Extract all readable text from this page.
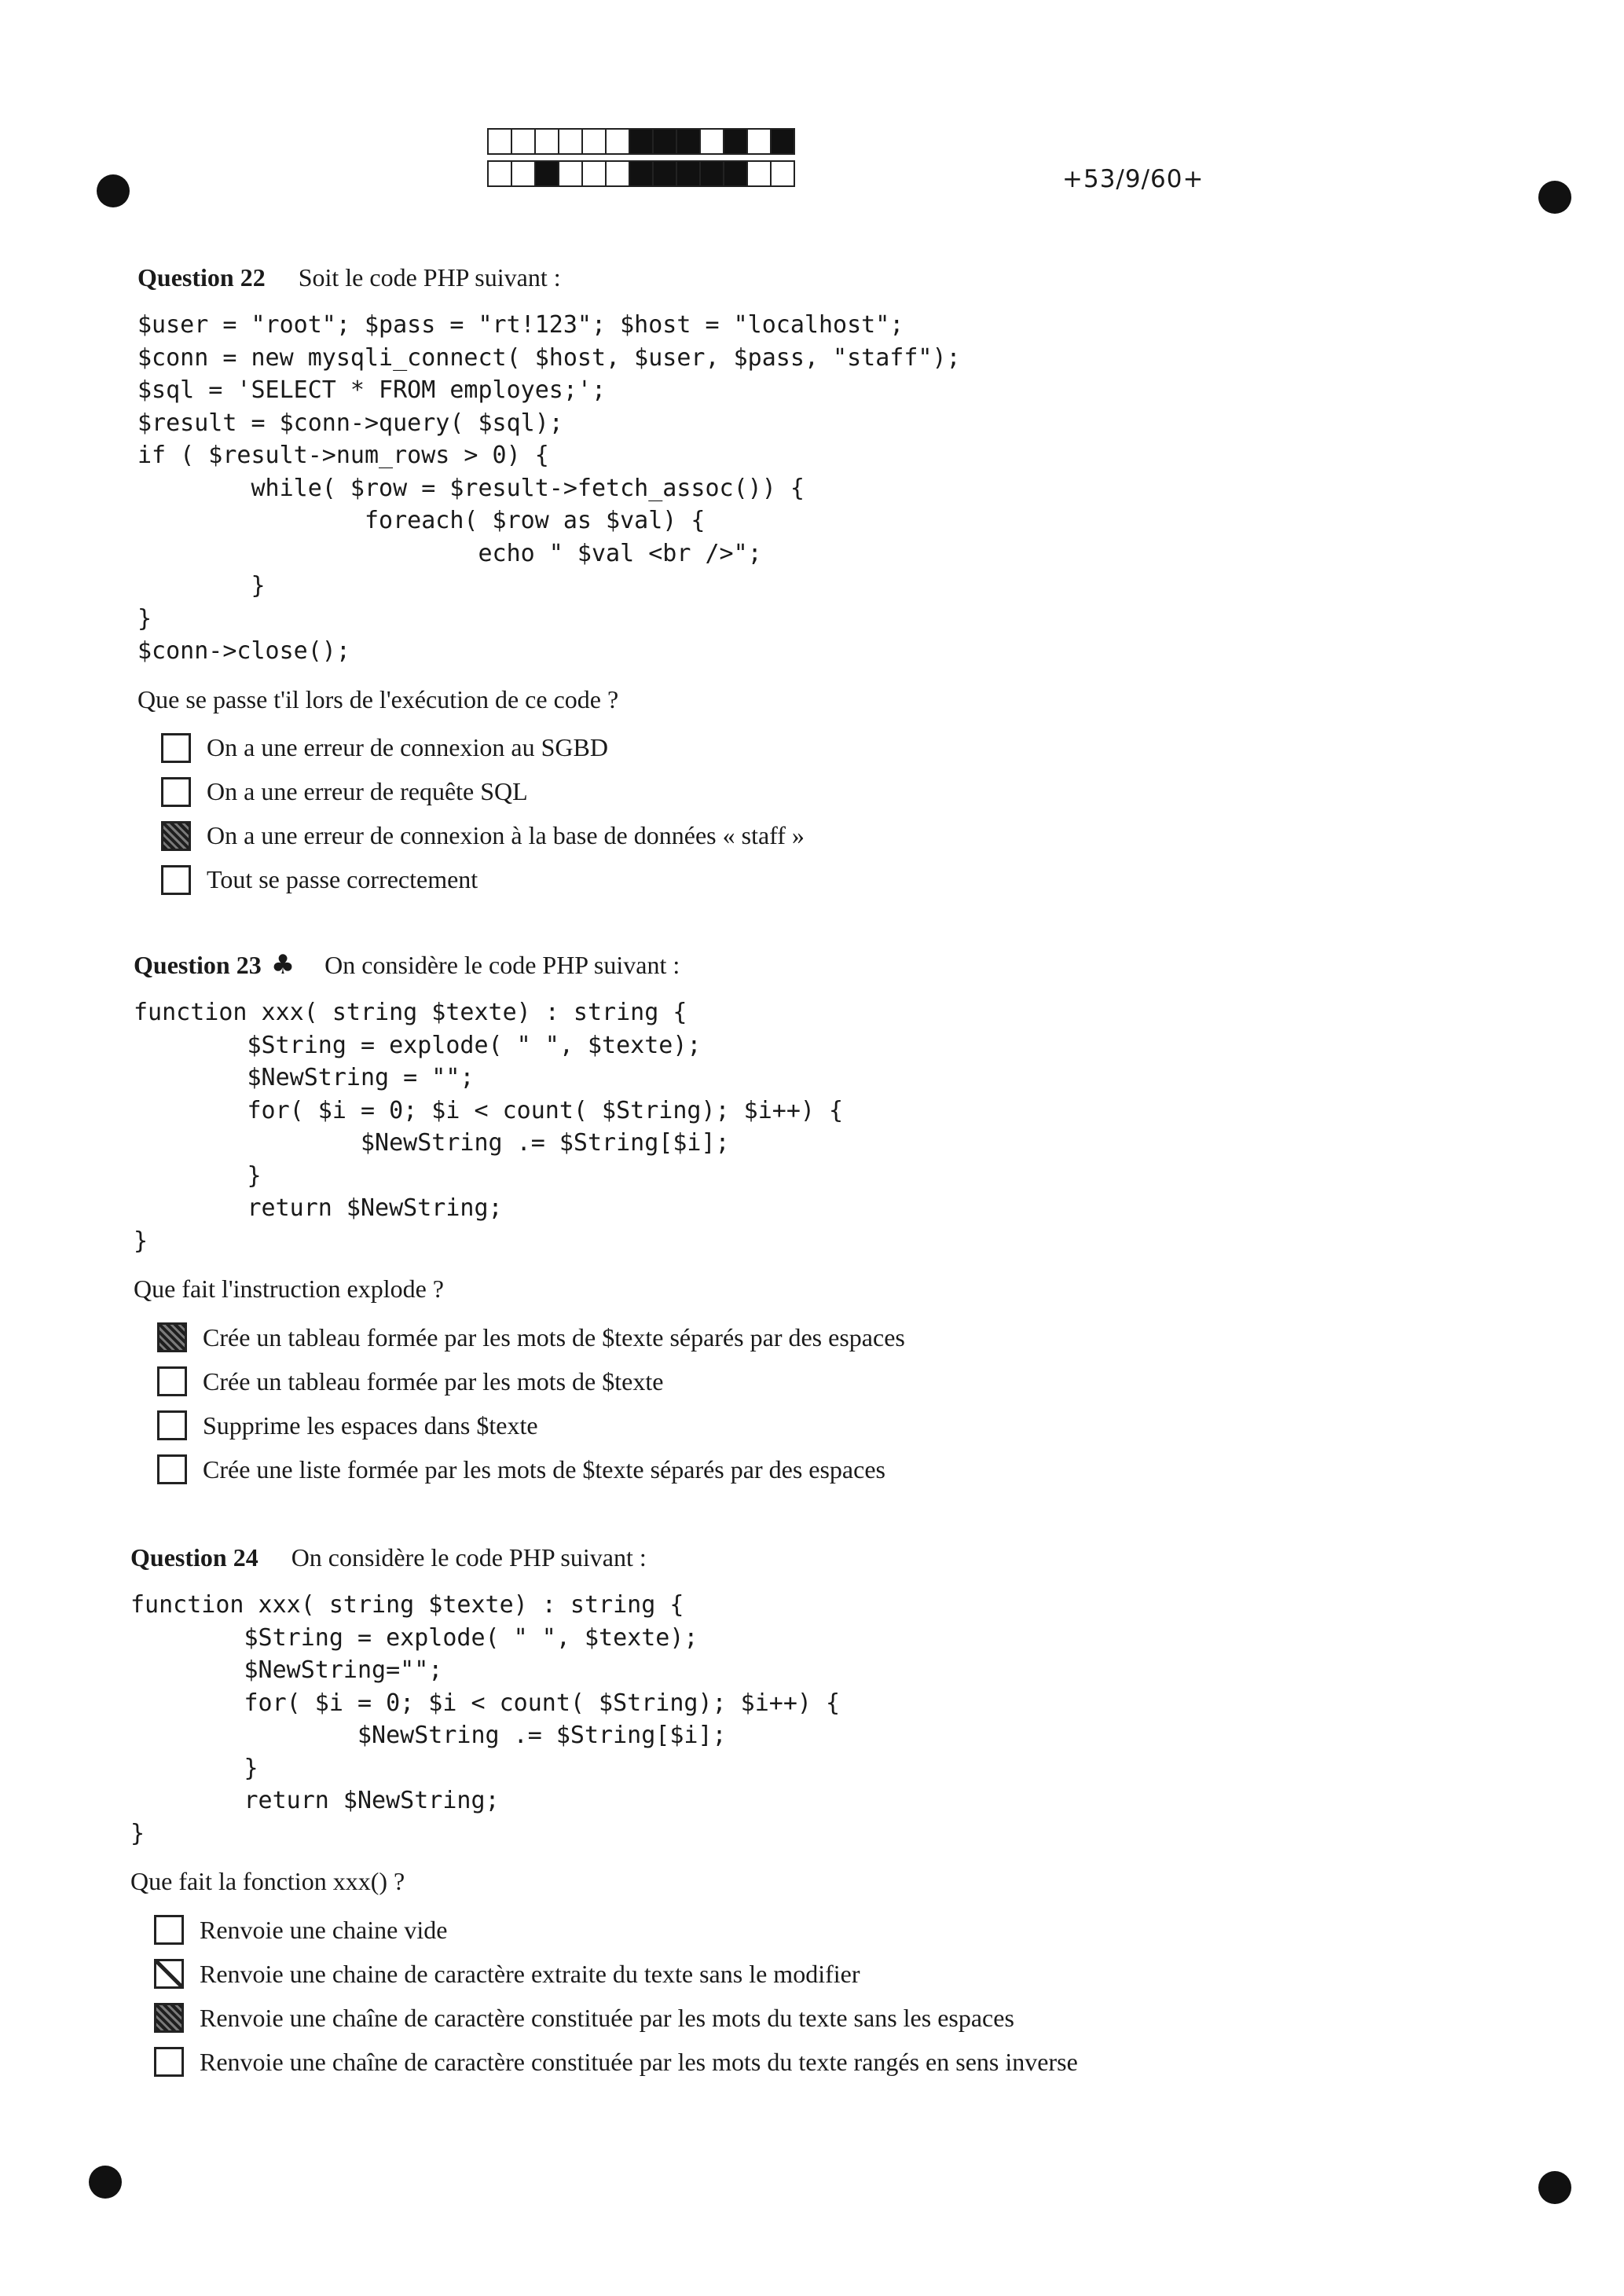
+53/9/60+
Question 22 Soit le code PHP suivant :
$user = "root"; $pass = "rt!123"; $host = "localhost";
$conn = new mysqli_connect( $host, $user, $pass, "staff");
$sql = 'SELECT * FROM employes;';
$result = $conn->query( $sql);
if ( $result->num_rows > 0) {
while( $row = $result->fetch_assoc()) {
foreach( $row as $val) {
echo " $val <br />";
}
}
$conn->close();
Que se passe t'il lors de l'exécution de ce code ?
On a une erreur de connexion au SGBD
On a une erreur de requête SQL
On a une erreur de connexion à la base de données « staff »
Tout se passe correctement
Question 23 ♣ On considère le code PHP suivant :
function xxx( string $texte) : string {
$String = explode( " ", $texte);
$NewString = "";
for( $i = 0; $i < count( $String); $i++) {
$NewString .= $String[$i];
}
return $NewString;
}
Que fait l'instruction explode ?
Crée un tableau formée par les mots de $texte séparés par des espaces
Crée un tableau formée par les mots de $texte
Supprime les espaces dans $texte
Crée une liste formée par les mots de $texte séparés par des espaces
Question 24 On considère le code PHP suivant :
function xxx( string $texte) : string {
$String = explode( " ", $texte);
$NewString="";
for( $i = 0; $i < count( $String); $i++) {
$NewString .= $String[$i];
}
return $NewString;
}
Que fait la fonction xxx() ?
Renvoie une chaine vide
Renvoie une chaine de caractère extraite du texte sans le modifier
Renvoie une chaîne de caractère constituée par les mots du texte sans les espaces
Renvoie une chaîne de caractère constituée par les mots du texte rangés en sens inverse
